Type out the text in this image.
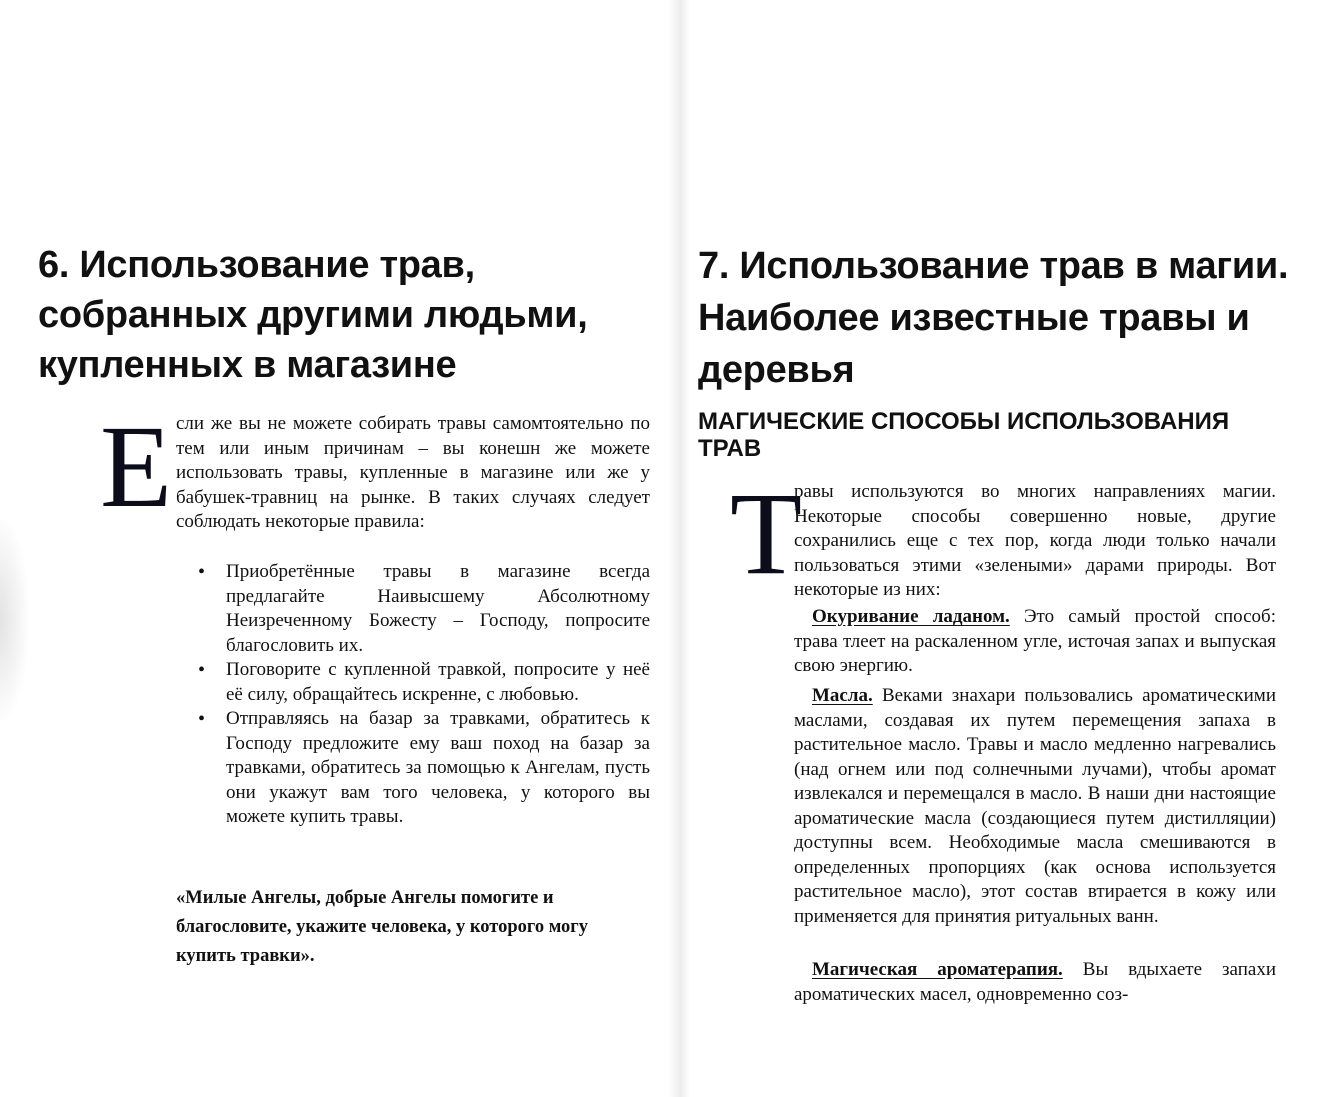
6. Использование трав, собранных другими людьми, купленных в магазине
Е сли же вы не можете собирать травы самомтоятельно по тем или иным причинам – вы конешн же можете использовать травы, купленные в магазине или же у бабушек-травниц на рынке. В таких случаях следует соблюдать некоторые правила:

• Приобретённые травы в магазине всегда предлагайте Наивысшему Абсолютному Неизреченному Божесту – Господу, попросите благословить их.
• Поговорите с купленной травкой, попросите у неё её силу, обращайтесь искренне, с любовью.
• Отправляясь на базар за травками, обратитесь к Господу предложите ему ваш поход на базар за травками, обратитесь за помощью к Ангелам, пусть они укажут вам того человека, у которого вы можете купить травы.

«Милые Ангелы, добрые Ангелы помогите и благословите, укажите человека, у которого могу купить травки».

7. Использование трав в магии. Наиболее известные травы и деревья
МАГИЧЕСКИЕ СПОСОБЫ ИСПОЛЬЗОВАНИЯ ТРАВ
Т

равы используются во многих направлениях магии. Некоторые способы совершенно новые, другие сохранились еще с тех пор, когда люди только начали пользоваться этими «зелеными» дарами природы. Вот некоторые из них:

Окуривание ладаном. Это самый простой способ: трава тлеет на раскаленном угле, источая запах и выпуская свою энергию.

Масла. Веками знахари пользовались ароматическими маслами, создавая их путем перемещения запаха в растительное масло. Травы и масло медленно нагревались (над огнем или под солнечными лучами), чтобы аромат извлекался и перемещался в масло. В наши дни настоящие ароматические масла (создающиеся путем дистилляции) доступны всем. Необходимые масла смешиваются в определенных пропорциях (как основа используется растительное масло), этот состав втирается в кожу или применяется для принятия ритуальных ванн.

Магическая ароматерапия. Вы вдыхаете запахи ароматических масел, одновременно соз-
